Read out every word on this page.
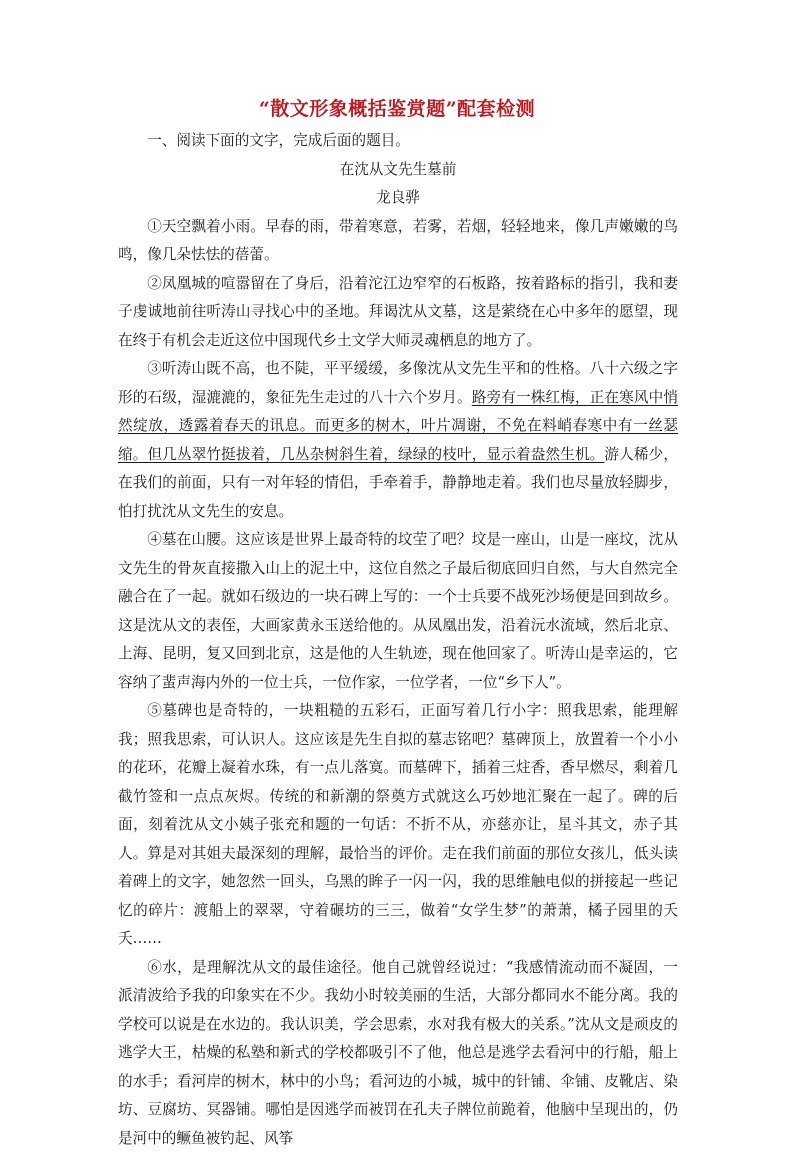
“散文形象概括鉴赏题”配套检测

一、阅读下面的文字，完成后面的题目。

在沈从文先生墓前

龙良骅

①天空飘着小雨。早春的雨，带着寒意，若雾，若烟，轻轻地来，像几声嫩嫩的鸟鸣，像几朵怯怯的蓓蕾。

②凤凰城的喧嚣留在了身后，沿着沱江边窄窄的石板路，按着路标的指引，我和妻子虔诚地前往听涛山寻找心中的圣地。拜谒沈从文墓，这是萦绕在心中多年的愿望，现在终于有机会走近这位中国现代乡土文学大师灵魂栖息的地方了。

③听涛山既不高，也不陡，平平缓缓，多像沈从文先生平和的性格。八十六级之字形的石级，湿漉漉的，象征先生走过的八十六个岁月。路旁有一株红梅，正在寒风中悄然绽放，透露着春天的讯息。而更多的树木，叶片凋谢，不免在料峭春寒中有一丝瑟缩。但几丛翠竹挺拔着，几丛杂树斜生着，绿绿的枝叶，显示着盎然生机。游人稀少，在我们的前面，只有一对年轻的情侣，手牵着手，静静地走着。我们也尽量放轻脚步，怕打扰沈从文先生的安息。

④墓在山腰。这应该是世界上最奇特的坟茔了吧？坟是一座山，山是一座坟，沈从文先生的骨灰直接撒入山上的泥土中，这位自然之子最后彻底回归自然，与大自然完全融合在了一起。就如石级边的一块石碑上写的：一个士兵要不战死沙场便是回到故乡。这是沈从文的表侄，大画家黄永玉送给他的。从凤凰出发，沿着沅水流域，然后北京、上海、昆明，复又回到北京，这是他的人生轨迹，现在他回家了。听涛山是幸运的，它容纳了蜚声海内外的一位士兵，一位作家，一位学者，一位“乡下人”。

⑤墓碑也是奇特的，一块粗糙的五彩石，正面写着几行小字：照我思索，能理解我；照我思索，可认识人。这应该是先生自拟的墓志铭吧？墓碑顶上，放置着一个小小的花环，花瓣上凝着水珠，有一点儿落寞。而墓碑下，插着三炷香，香早燃尽，剩着几截竹签和一点点灰烬。传统的和新潮的祭奠方式就这么巧妙地汇聚在一起了。碑的后面，刻着沈从文小姨子张充和题的一句话：不折不从，亦慈亦让，星斗其文，赤子其人。算是对其姐夫最深刻的理解，最恰当的评价。走在我们前面的那位女孩儿，低头读着碑上的文字，她忽然一回头，乌黑的眸子一闪一闪，我的思维触电似的拼接起一些记忆的碎片：渡船上的翠翠，守着碾坊的三三，做着“女学生梦”的萧萧，橘子园里的夭夭……

⑥水，是理解沈从文的最佳途径。他自己就曾经说过：“我感情流动而不凝固，一派清波给予我的印象实在不少。我幼小时较美丽的生活，大部分都同水不能分离。我的学校可以说是在水边的。我认识美，学会思索，水对我有极大的关系。”沈从文是顽皮的逃学大王，枯燥的私塾和新式的学校都吸引不了他，他总是逃学去看河中的行船，船上的水手；看河岸的树木，林中的小鸟；看河边的小城，城中的针铺、伞铺、皮靴店、染坊、豆腐坊、冥器铺。哪怕是因逃学而被罚在孔夫子牌位前跪着，他脑中呈现出的，仍是河中的鳜鱼被钓起、风筝
